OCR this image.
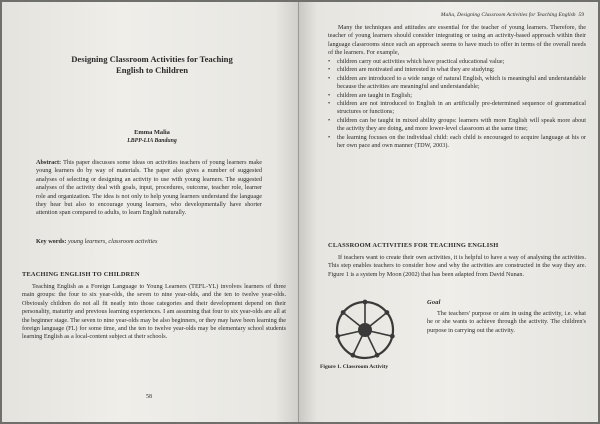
Designing Classroom Activities for Teaching English to Children
Emma Malia
LBPP-LIA Bandung
Abstract: This paper discusses some ideas on activities teachers of young learners make young learners do by way of materials. The paper also gives a number of suggested analyses of selecting or designing an activity to use with young learners. The suggested analyses of the activity deal with goals, input, procedures, outcome, teacher role, learner role and organization. The idea is not only to help young learners understand the language they hear but also to encourage young learners, who developmentally have shorter attention span compared to adults, to learn English naturally.
Key words: young learners, classroom activities
TEACHING ENGLISH TO CHILDREN
Teaching English as a Foreign Language to Young Learners (TEFL-YL) involves learners of three main groups: the four to six year-olds, the seven to nine year-olds, and the ten to twelve year-olds. Obviously children do not all fit neatly into those categories and their development depend on their personality, maturity and previous learning experiences. I am assuming that four to six year-olds are all at the beginner stage. The seven to nine year-olds may be also beginners, or they may have been learning the foreign language (FL) for some time, and the ten to twelve year-olds may be elementary school students learning English as a local-content subject at their schools.
58
Malia, Designing Classroom Activities for Teaching English 59
Many the techniques and attitudes are essential for the teacher of young learners. Therefore, the teacher of young learners should consider integrating or using an activity-based approach within their language classrooms since such an approach seems to have much to offer in terms of the overall needs of the learners. For example,
• children carry out activities which have practical educational value;
• children are motivated and interested in what they are studying;
• children are introduced to a wide range of natural English, which is meaningful and understandable because the activities are meaningful and understandable;
• children are taught in English;
• children are not introduced to English in an artificially pre-determined sequence of grammatical structures or functions;
• children can be taught in mixed ability groups: learners with more English will speak more about the activity they are doing, and more lower-level classroom at the same time;
• the learning focuses on the individual child: each child is encouraged to acquire language at his or her own pace and own manner (TDW, 2003).
CLASSROOM ACTIVITIES FOR TEACHING ENGLISH
If teachers want to create their own activities, it is helpful to have a way of analysing the activities. This step enables teachers to consider how and why the activities are constructed in the way they are. Figure 1 is a system by Moon (2002) that has been adapted from David Nunan.
Figure 1. Classroom Activity
Goal
The teachers' purpose or aim in using the activity, i.e. what he or she wants to achieve through the activity. The children's purpose in carrying out the activity.
